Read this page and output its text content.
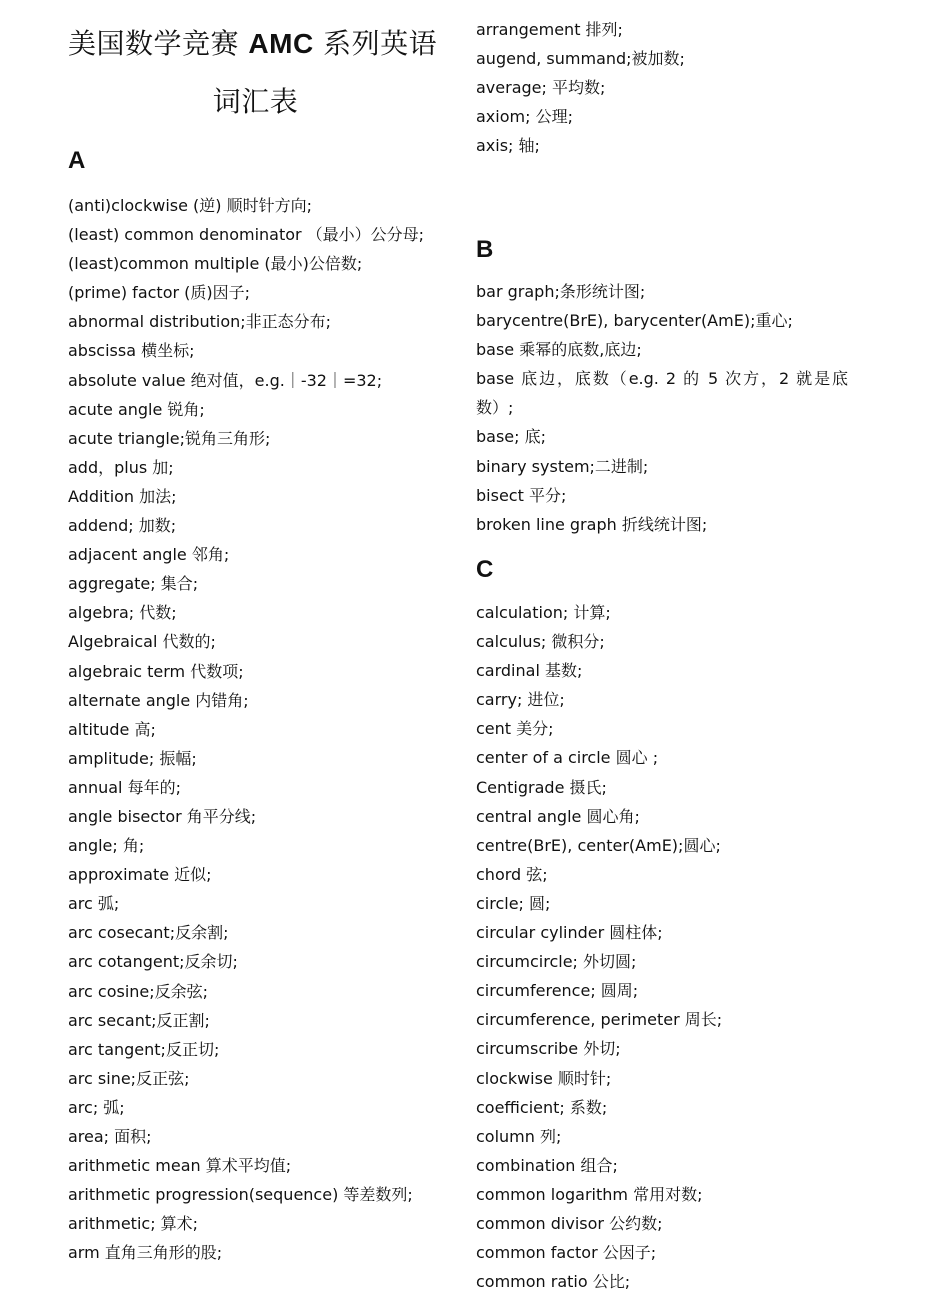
美国数学竞赛 AMC 系列英语
词汇表
A
(anti)clockwise (逆) 顺时针方向;
(least) common denominator （最小）公分母;
(least)common multiple (最小)公倍数;
(prime) factor (质)因子;
abnormal distribution;非正态分布;
abscissa 横坐标;
absolute value 绝对值，e.g.｜-32｜=32;
acute angle 锐角;
acute triangle;锐角三角形;
add，plus 加;
Addition 加法;
addend; 加数;
adjacent angle 邻角;
aggregate; 集合;
algebra; 代数;
Algebraical 代数的;
algebraic term 代数项;
alternate angle 内错角;
altitude 高;
amplitude; 振幅;
annual 每年的;
angle bisector 角平分线;
angle; 角;
approximate 近似;
arc 弧;
arc cosecant;反余割;
arc cotangent;反余切;
arc cosine;反余弦;
arc secant;反正割;
arc tangent;反正切;
arc sine;反正弦;
arc; 弧;
area; 面积;
arithmetic mean 算术平均值;
arithmetic progression(sequence) 等差数列;
arithmetic; 算术;
arm 直角三角形的股;
arrangement 排列;
augend, summand;被加数;
average; 平均数;
axiom; 公理;
axis; 轴;
B
bar graph;条形统计图;
barycentre(BrE), barycenter(AmE);重心;
base 乘幂的底数,底边;
base 底边，底数（e.g. 2 的 5 次方，2 就是底数）;
base; 底;
binary system;二进制;
bisect 平分;
broken line graph 折线统计图;
C
calculation; 计算;
calculus; 微积分;
cardinal 基数;
carry; 进位;
cent 美分;
center of a circle 圆心 ;
Centigrade 摄氏;
central angle 圆心角;
centre(BrE), center(AmE);圆心;
chord 弦;
circle; 圆;
circular cylinder 圆柱体;
circumcircle; 外切圆;
circumference; 圆周;
circumference, perimeter 周长;
circumscribe 外切;
clockwise 顺时针;
coefficient; 系数;
column 列;
combination 组合;
common logarithm 常用对数;
common divisor 公约数;
common factor 公因子;
common ratio 公比;
